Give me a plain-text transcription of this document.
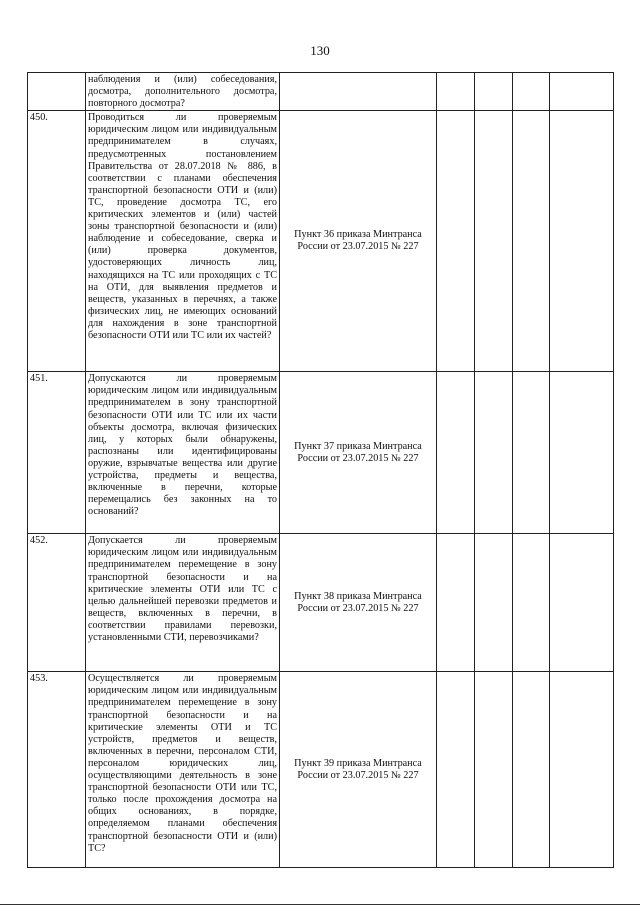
130
	наблюдения и (или) собеседования, досмотра, дополнительного досмотра, повторного досмотра?					
450.	Проводиться ли проверяемым юридическим лицом или индивидуальным предпринимателем в случаях, предусмотренных постановлением Правительства от 28.07.2018 № 886, в соответствии с планами обеспечения транспортной безопасности ОТИ и (или) ТС, проведение досмотра ТС, его критических элементов и (или) частей зоны транспортной безопасности и (или) наблюдение и собеседование, сверка и (или) проверка документов, удостоверяющих личность лиц, находящихся на ТС или проходящих с ТС на ОТИ, для выявления предметов и веществ, указанных в перечнях, а также физических лиц, не имеющих оснований для нахождения в зоне транспортной безопасности ОТИ или ТС или их частей?	Пункт 36 приказа Минтранса России от 23.07.2015 № 227				
451.	Допускаются ли проверяемым юридическим лицом или индивидуальным предпринимателем в зону транспортной безопасности ОТИ или ТС или их части объекты досмотра, включая физических лиц, у которых были обнаружены, распознаны или идентифицированы оружие, взрывчатые вещества или другие устройства, предметы и вещества, включенные в перечни, которые перемещались без законных на то оснований?	Пункт 37 приказа Минтранса России от 23.07.2015 № 227				
452.	Допускается ли проверяемым юридическим лицом или индивидуальным предпринимателем перемещение в зону транспортной безопасности и на критические элементы ОТИ или ТС с целью дальнейшей перевозки предметов и веществ, включенных в перечни, в соответствии правилами перевозки, установленными СТИ, перевозчиками?	Пункт 38 приказа Минтранса России от 23.07.2015 № 227				
453.	Осуществляется ли проверяемым юридическим лицом или индивидуальным предпринимателем перемещение в зону транспортной безопасности и на критические элементы ОТИ и ТС устройств, предметов и веществ, включенных в перечни, персоналом СТИ, персоналом юридических лиц, осуществляющими деятельность в зоне транспортной безопасности ОТИ или ТС, только после прохождения досмотра на общих основаниях, в порядке, определяемом планами обеспечения транспортной безопасности ОТИ и (или) ТС?	Пункт 39 приказа Минтранса России от 23.07.2015 № 227				
